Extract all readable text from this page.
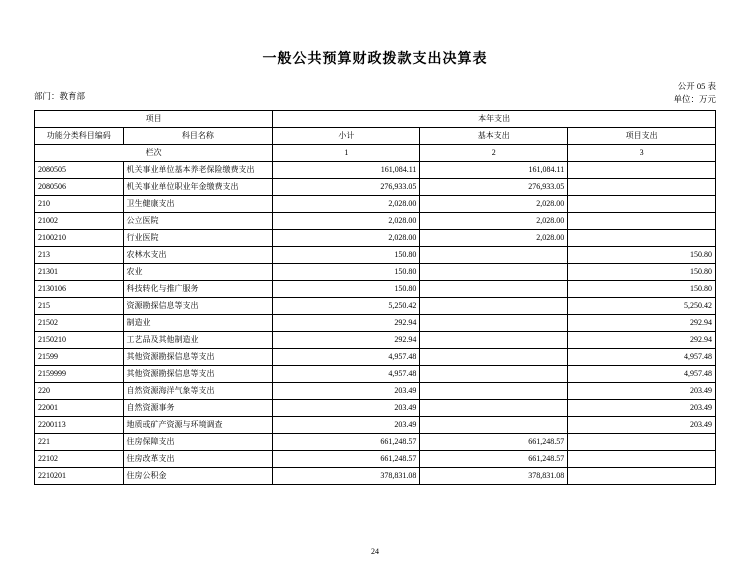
一般公共预算财政拨款支出决算表
公开 05 表
单位：万元
部门：教育部
项目		本年支出		
功能分类科目编码	科目名称	小计	基本支出	项目支出
栏次		1	2	3
2080505	机关事业单位基本养老保险缴费支出	161,084.11	161,084.11	
2080506	机关事业单位职业年金缴费支出	276,933.05	276,933.05	
210	卫生健康支出	2,028.00	2,028.00	
21002	公立医院	2,028.00	2,028.00	
2100210	行业医院	2,028.00	2,028.00	
213	农林水支出	150.80		150.80
21301	农业	150.80		150.80
2130106	科技转化与推广服务	150.80		150.80
215	资源勘探信息等支出	5,250.42		5,250.42
21502	制造业	292.94		292.94
2150210	工艺品及其他制造业	292.94		292.94
21599	其他资源勘探信息等支出	4,957.48		4,957.48
2159999	其他资源勘探信息等支出	4,957.48		4,957.48
220	自然资源海洋气象等支出	203.49		203.49
22001	自然资源事务	203.49		203.49
2200113	地质或矿产资源与环境调查	203.49		203.49
221	住房保障支出	661,248.57	661,248.57	
22102	住房改革支出	661,248.57	661,248.57	
2210201	住房公积金	378,831.08	378,831.08	
24
